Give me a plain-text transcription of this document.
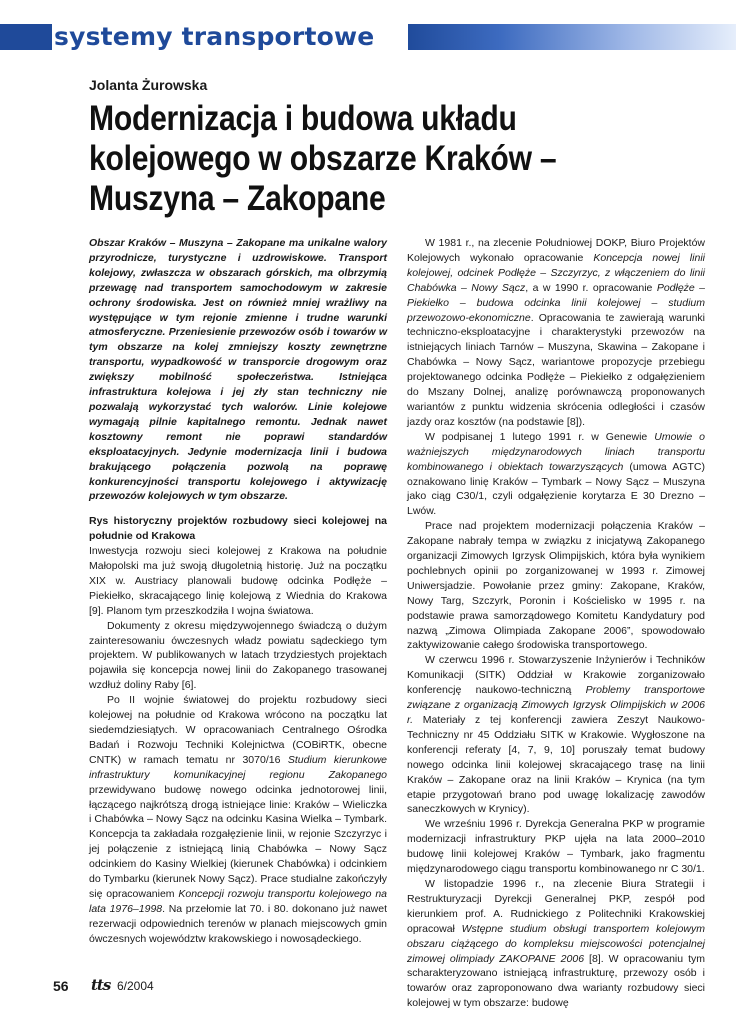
systemy transportowe

Jolanta Żurowska

Modernizacja i budowa układu kolejowego w obszarze Kraków – Muszyna – Zakopane

Obszar Kraków – Muszyna – Zakopane ma unikalne walory przyrodnicze, turystyczne i uzdrowiskowe. Transport kolejowy, zwłaszcza w obszarach górskich, ma olbrzymią przewagę nad transportem samochodowym w zakresie ochrony środowiska. Jest on również mniej wrażliwy na występujące w tym rejonie zmienne i trudne warunki atmosferyczne. Przeniesienie przewozów osób i towarów w tym obszarze na kolej zmniejszy koszty zewnętrzne transportu, wypadkowość w transporcie drogowym oraz zwiększy mobilność społeczeństwa. Istniejąca infrastruktura kolejowa i jej zły stan techniczny nie pozwalają wykorzystać tych walorów. Linie kolejowe wymagają pilnie kapitalnego remontu. Jednak nawet kosztowny remont nie poprawi standardów eksploatacyjnych. Jedynie modernizacja linii i budowa brakującego połączenia pozwolą na poprawę konkurencyjności transportu kolejowego i aktywizację przewozów kolejowych w tym obszarze.

Rys historyczny projektów rozbudowy sieci kolejowej na południe od Krakowa

Inwestycja rozwoju sieci kolejowej z Krakowa na południe Małopolski ma już swoją długoletnią historię. Już na początku XIX w. Austriacy planowali budowę odcinka Podłęże – Piekiełko, skracającego linię kolejową z Wiednia do Krakowa [9]. Planom tym przeszkodziła I wojna światowa.

Dokumenty z okresu międzywojennego świadczą o dużym zainteresowaniu ówczesnych władz powiatu sądeckiego tym projektem. W publikowanych w latach trzydziestych projektach pojawiła się koncepcja nowej linii do Zakopanego trasowanej wzdłuż doliny Raby [6].

Po II wojnie światowej do projektu rozbudowy sieci kolejowej na południe od Krakowa wrócono na początku lat siedemdziesiątych. W opracowaniach Centralnego Ośrodka Badań i Rozwoju Techniki Kolejnictwa (COBiRTK, obecne CNTK) w ramach tematu nr 3070/16 Studium kierunkowe infrastruktury komunikacyjnej regionu Zakopanego przewidywano budowę nowego odcinka jednotorowej linii, łączącego najkrótszą drogą istniejące linie: Kraków – Wieliczka i Chabówka – Nowy Sącz na odcinku Kasina Wielka – Tymbark. Koncepcja ta zakładała rozgałęzienie linii, w rejonie Szczyrzyc i jej połączenie z istniejącą linią Chabówka – Nowy Sącz odcinkiem do Kasiny Wielkiej (kierunek Chabówka) i odcinkiem do Tymbarku (kierunek Nowy Sącz). Prace studialne zakończyły się opracowaniem Koncepcji rozwoju transportu kolejowego na lata 1976–1998. Na przełomie lat 70. i 80. dokonano już nawet rezerwacji odpowiednich terenów w planach miejscowych gmin ówczesnych województw krakowskiego i nowosądeckiego.

W 1981 r., na zlecenie Południowej DOKP, Biuro Projektów Kolejowych wykonało opracowanie Koncepcja nowej linii kolejowej, odcinek Podłęże – Szczyrzyc, z włączeniem do linii Chabówka – Nowy Sącz, a w 1990 r. opracowanie Podłęże – Piekiełko – budowa odcinka linii kolejowej – studium przewozowo-ekonomiczne. Opracowania te zawierają warunki techniczno-eksploatacyjne i charakterystyki przewozów na istniejących liniach Tarnów – Muszyna, Skawina – Zakopane i Chabówka – Nowy Sącz, wariantowe propozycje przebiegu projektowanego odcinka Podłęże – Piekiełko z odgałęzieniem do Mszany Dolnej, analizę porównawczą proponowanych wariantów z punktu widzenia skrócenia odległości i czasów jazdy oraz kosztów (na podstawie [8]).

W podpisanej 1 lutego 1991 r. w Genewie Umowie o ważniejszych międzynarodowych liniach transportu kombinowanego i obiektach towarzyszących (umowa AGTC) oznakowano linię Kraków – Tymbark – Nowy Sącz – Muszyna jako ciąg C30/1, czyli odgałęzienie korytarza E 30 Drezno – Lwów.

Prace nad projektem modernizacji połączenia Kraków – Zakopane nabrały tempa w związku z inicjatywą Zakopanego organizacji Zimowych Igrzysk Olimpijskich, która była wynikiem pochlebnych opinii po zorganizowanej w 1993 r. Zimowej Uniwersjadzie. Powołanie przez gminy: Zakopane, Kraków, Nowy Targ, Szczyrk, Poronin i Kościelisko w 1995 r. na podstawie prawa samorządowego Komitetu Kandydatury pod nazwą „Zimowa Olimpiada Zakopane 2006”, spowodowało zaktywizowanie całego środowiska transportowego.

W czerwcu 1996 r. Stowarzyszenie Inżynierów i Techników Komunikacji (SITK) Oddział w Krakowie zorganizowało konferencję naukowo-techniczną Problemy transportowe związane z organizacją Zimowych Igrzysk Olimpijskich w 2006 r. Materiały z tej konferencji zawiera Zeszyt Naukowo-Techniczny nr 45 Oddziału SITK w Krakowie. Wygłoszone na konferencji referaty [4, 7, 9, 10] poruszały temat budowy nowego odcinka linii kolejowej skracającego trasę na linii Kraków – Zakopane oraz na linii Kraków – Krynica (na tym etapie przygotowań brano pod uwagę lokalizację zawodów saneczkowych w Krynicy).

We wrześniu 1996 r. Dyrekcja Generalna PKP w programie modernizacji infrastruktury PKP ujęła na lata 2000–2010 budowę linii kolejowej Kraków – Tymbark, jako fragmentu międzynarodowego ciągu transportu kombinowanego nr C 30/1.

W listopadzie 1996 r., na zlecenie Biura Strategii i Restrukturyzacji Dyrekcji Generalnej PKP, zespół pod kierunkiem prof. A. Rudnickiego z Politechniki Krakowskiej opracował Wstępne studium obsługi transportem kolejowym obszaru ciążącego do kompleksu miejscowości potencjalnej zimowej olimpiady ZAKOPANE 2006 [8]. W opracowaniu tym scharakteryzowano istniejącą infrastrukturę, przewozy osób i towarów oraz zaproponowano dwa warianty rozbudowy sieci kolejowej w tym obszarze: budowę

56 tts 6/2004
